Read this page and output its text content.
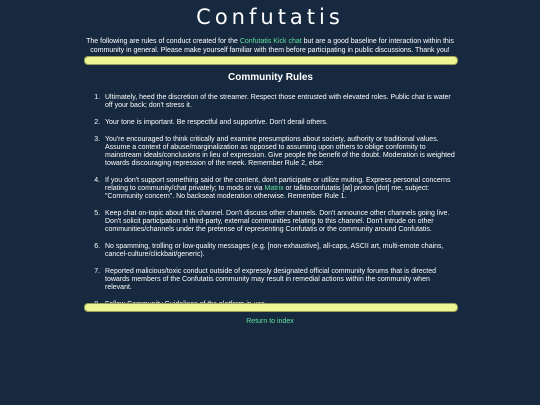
Confutatis

The following are rules of conduct created for the Confutatis Kick chat but are a good baseline for interaction within this community in general. Please make yourself familiar with them before participating in public discussions. Thank you!

Community Rules
1. Ultimately, heed the discretion of the streamer. Respect those entrusted with elevated roles. Public chat is water off your back; don't stress it.
2. Your tone is important. Be respectful and supportive. Don't derail others.
3. You're encouraged to think critically and examine presumptions about society, authority or traditional values. Assume a context of abuse/marginalization as opposed to assuming upon others to oblige conformity to mainstream ideals/conclusions in lieu of expression. Give people the benefit of the doubt. Moderation is weighted towards discouraging repression of the meek. Remember Rule 2, else:
4. If you don't support something said or the content, don't participate or utilize muting. Express personal concerns relating to community/chat privately; to mods or via Matrix or talktoconfutatis [at] proton [dot] me, subject: "Community concern". No backseat moderation otherwise. Remember Rule 1.
5. Keep chat on-topic about this channel. Don't discuss other channels. Don't announce other channels going live. Don't solicit participation in third-party, external communities relating to this channel. Don't intrude on other communities/channels under the pretense of representing Confutatis or the community around Confutatis.
6. No spamming, trolling or low-quality messages (e.g. [non-exhaustive], all-caps, ASCII art, multi-emote chains, cancel-culture/clickbait/generic).
7. Reported malicious/toxic conduct outside of expressly designated official community forums that is directed towards members of the Confutatis community may result in remedial actions within the community when relevant.
8.
Return to index
